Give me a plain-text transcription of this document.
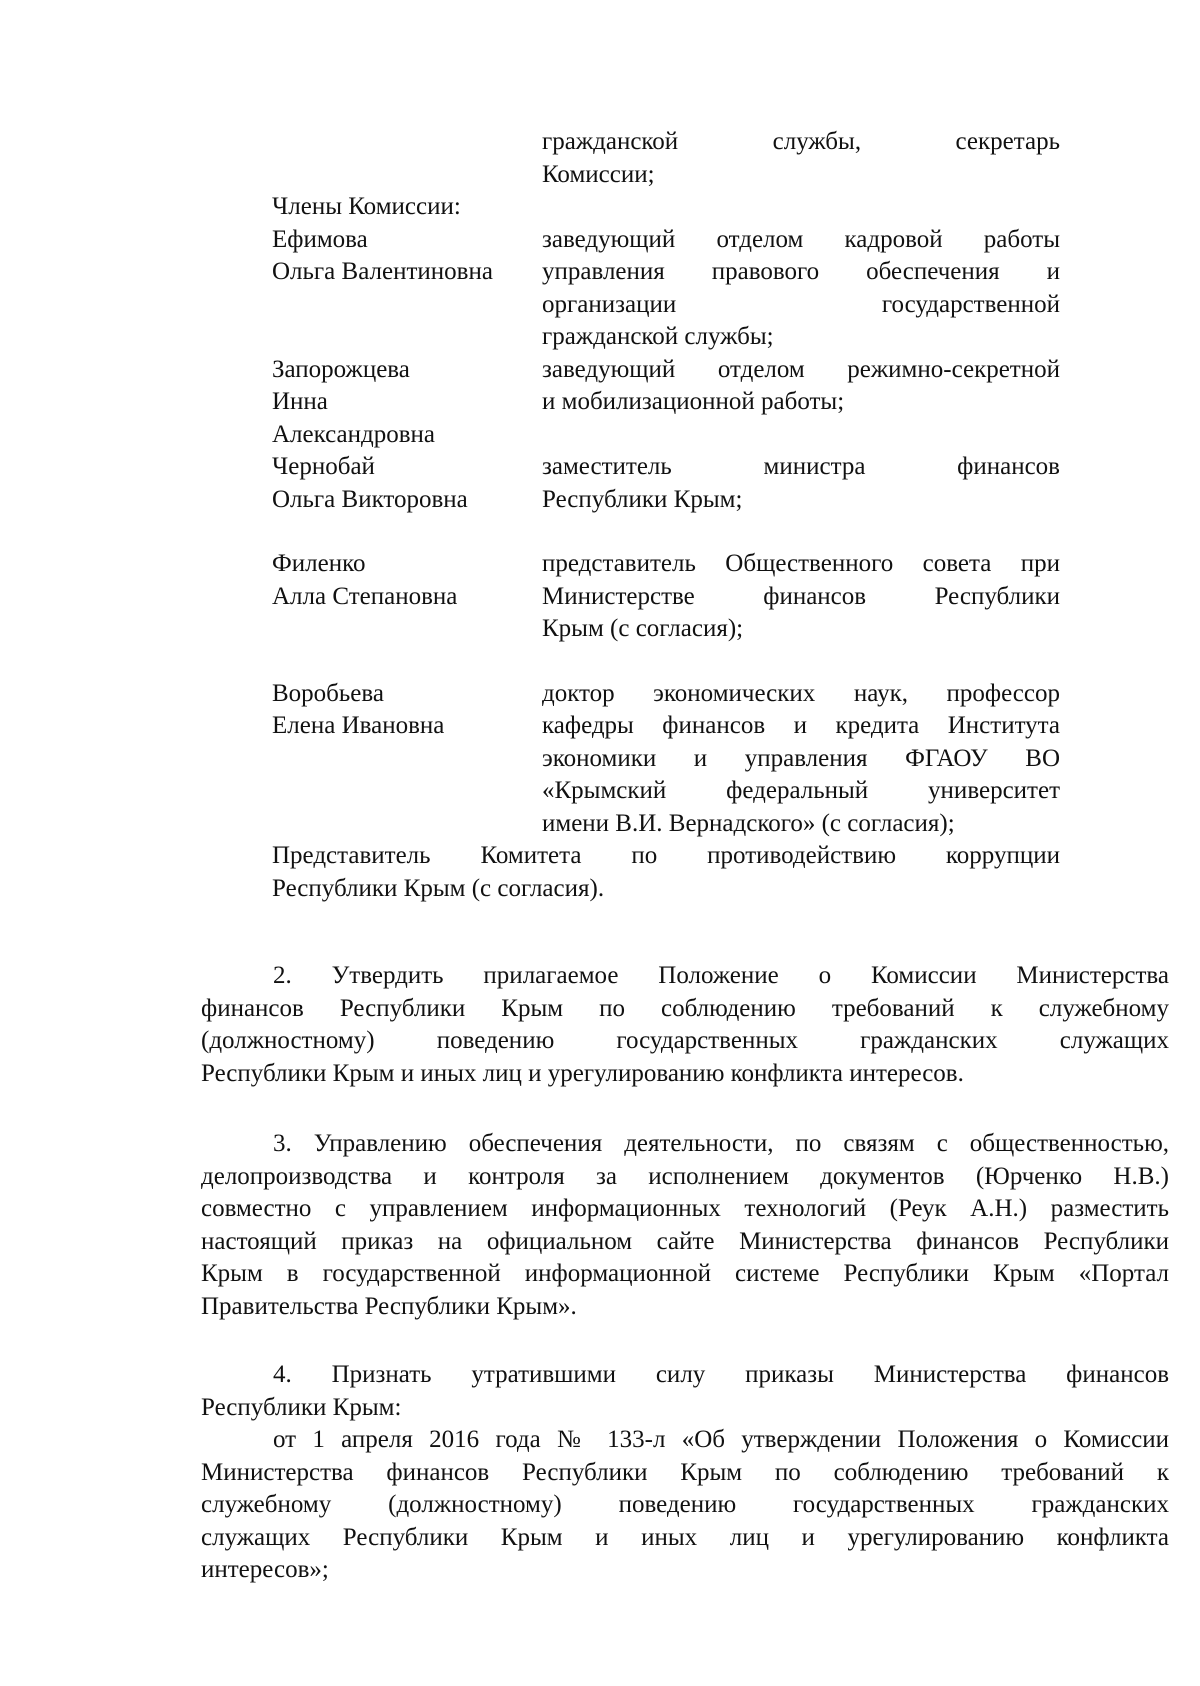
гражданской службы, секретарь
Комиссии;
Члены Комиссии:
Ефимова
Ольга Валентиновна
заведующий отделом кадровой работы
управления правового обеспечения и
организации государственной
гражданской службы;
Запорожцева
Инна
Александровна
заведующий отделом режимно-секретной
и мобилизационной работы;

Чернобай
Ольга Викторовна
заместитель министра финансов
Республики Крым;
Филенко
Алла Степановна
представитель Общественного совета при
Министерстве финансов Республики
Крым (с согласия);
Воробьева
Елена Ивановна
доктор экономических наук, профессор
кафедры финансов и кредита Института
экономики и управления ФГАОУ ВО
«Крымский федеральный университет
имени В.И. Вернадского» (с согласия);
Представитель Комитета по противодействию коррупции
Республики Крым (с согласия).
2. Утвердить прилагаемое Положение о Комиссии Министерства
финансов Республики Крым по соблюдению требований к служебному
(должностному) поведению государственных гражданских служащих
Республики Крым и иных лиц и урегулированию конфликта интересов.
3. Управлению обеспечения деятельности, по связям с общественностью,
делопроизводства и контроля за исполнением документов (Юрченко Н.В.)
совместно с управлением информационных технологий (Реук А.Н.) разместить
настоящий приказ на официальном сайте Министерства финансов Республики
Крым в государственной информационной системе Республики Крым «Портал
Правительства Республики Крым».
4. Признать утратившими силу приказы Министерства финансов
Республики Крым:
от 1 апреля 2016 года № 133-л «Об утверждении Положения о Комиссии
Министерства финансов Республики Крым по соблюдению требований к
служебному (должностному) поведению государственных гражданских
служащих Республики Крым и иных лиц и урегулированию конфликта
интересов»;
